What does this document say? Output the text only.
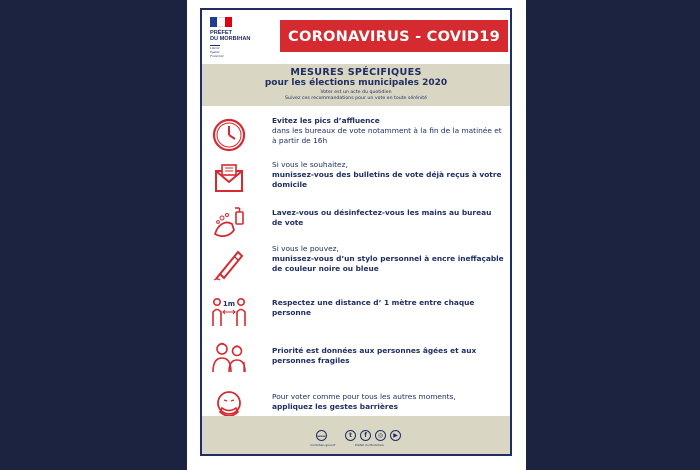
PRÉFET
DU MORBIHAN
Liberté
Égalité
Fraternité
CORONAVIRUS - COVID19
MESURES SPÉCIFIQUES
pour les élections municipales 2020
Voter est un acte du quotidien
Suivez ces recommandations pour un vote en toute sérénité
Evitez les pics d’affluence
dans les bureaux de vote notamment à la fin de la matinée et à partir de 16h
Si vous le souhaitez,
munissez-vous des bulletins de vote déjà reçus à votre domicile
Lavez-vous ou désinfectez-vous les mains au bureau de vote
Si vous le pouvez,
munissez-vous d’un stylo personnel à encre ineffaçable de couleur noire ou bleue
1m	Respectez une distance d’ 1 mètre entre chaque personne
Priorité est données aux personnes âgées et aux personnes fragiles
Pour voter comme pour tous les autres moments,
appliquez les gestes barrières
www
morbihan.gouv.fr
t	f	◎	▶
Préfet du Morbihan
